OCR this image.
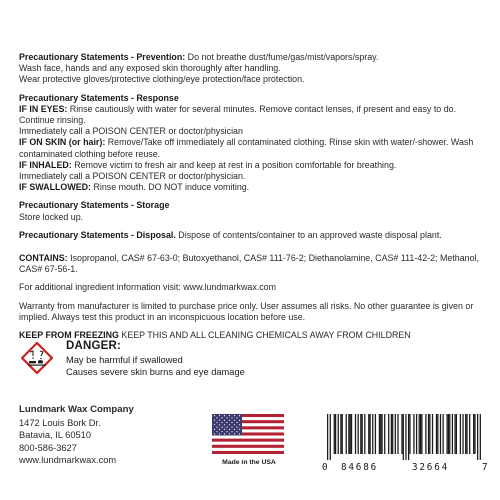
Precautionary Statements - Prevention: Do not breathe dust/fume/gas/mist/vapors/spray.

Wash face, hands and any exposed skin thoroughly after handling.

Wear protective gloves/protective clothing/eye protection/face protection.

Precautionary Statements - Response

IF IN EYES: Rinse cautiously with water for several minutes. Remove contact lenses, if present and easy to do. Continue rinsing.

Immediately call a POISON CENTER or doctor/physician

IF ON SKIN (or hair): Remove/Take off immediately all contaminated clothing. Rinse skin with water/-shower. Wash contaminated clothing before reuse.

IF INHALED: Remove victim to fresh air and keep at rest in a position comfortable for breathing.

Immediately call a POISON CENTER or doctor/physician.

IF SWALLOWED: Rinse mouth. DO NOT induce vomiting.

Precautionary Statements - Storage

Store locked up.

Precautionary Statements - Disposal. Dispose of contents/container to an approved waste disposal plant.

CONTAINS: Isopropanol, CAS# 67-63-0; Butoxyethanol, CAS# 111-76-2; Diethanolamine, CAS# 111-42-2; Methanol, CAS# 67-56-1.

For additional ingredient information visit: www.lundmarkwax.com

Warranty from manufacturer is limited to purchase price only. User assumes all risks. No other guarantee is given or implied. Always test this product in an inconspicuous location before use.

KEEP FROM FREEZING KEEP THIS AND ALL CLEANING CHEMICALS AWAY FROM CHILDREN

DANGER:
May be harmful if swallowed
Causes severe skin burns and eye damage
Lundmark Wax Company
1472 Louis Bork Dr.
Batavia, IL 60510
800-586-3627
www.lundmarkwax.com	Made in the USA	0 84686	32664	7
